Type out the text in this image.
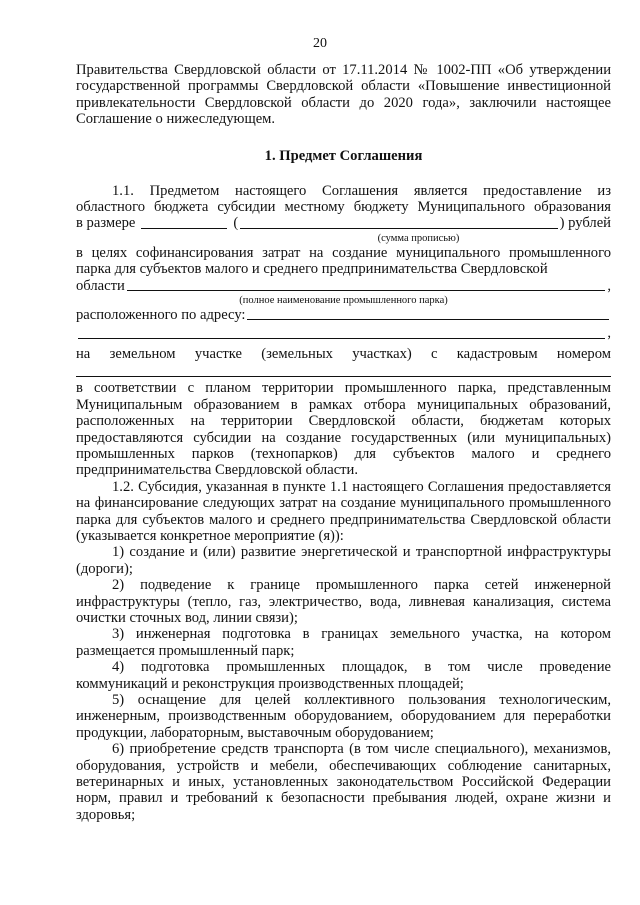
20

Правительства Свердловской области от 17.11.2014 № 1002-ПП «Об утверждении государственной программы Свердловской области «Повышение инвестиционной привлекательности Свердловской области до 2020 года», заключили настоящее Соглашение о нижеследующем.

1. Предмет Соглашения

1.1. Предметом настоящего Соглашения является предоставление из

областного бюджета субсидии местному бюджету Муниципального образования

в размере	(	) рублей
(сумма прописью)

в целях софинансирования затрат на создание муниципального промышленного парка для субъектов малого и среднего предпринимательства Свердловской

области	,
(полное наименование промышленного парка)
расположенного по адресу:
,
на земельном участке (земельных участках) с кадастровым номером

в соответствии с планом территории промышленного парка, представленным Муниципальным образованием в рамках отбора муниципальных образований, расположенных на территории Свердловской области, бюджетам которых предоставляются субсидии на создание государственных (или муниципальных) промышленных парков (технопарков) для субъектов малого и среднего предпринимательства Свердловской области.

1.2. Субсидия, указанная в пункте 1.1 настоящего Соглашения предоставляется на финансирование следующих затрат на создание муниципального промышленного парка для субъектов малого и среднего предпринимательства Свердловской области (указывается конкретное мероприятие (я)):

1) создание и (или) развитие энергетической и транспортной инфраструктуры (дороги);

2) подведение к границе промышленного парка сетей инженерной инфраструктуры (тепло, газ, электричество, вода, ливневая канализация, система очистки сточных вод, линии связи);

3) инженерная подготовка в границах земельного участка, на котором размещается промышленный парк;

4) подготовка промышленных площадок, в том числе проведение коммуникаций и реконструкция производственных площадей;

5) оснащение для целей коллективного пользования технологическим, инженерным, производственным оборудованием, оборудованием для переработки продукции, лабораторным, выставочным оборудованием;

6) приобретение средств транспорта (в том числе специального), механизмов, оборудования, устройств и мебели, обеспечивающих соблюдение санитарных, ветеринарных и иных, установленных законодательством Российской Федерации норм, правил и требований к безопасности пребывания людей, охране жизни и здоровья;
